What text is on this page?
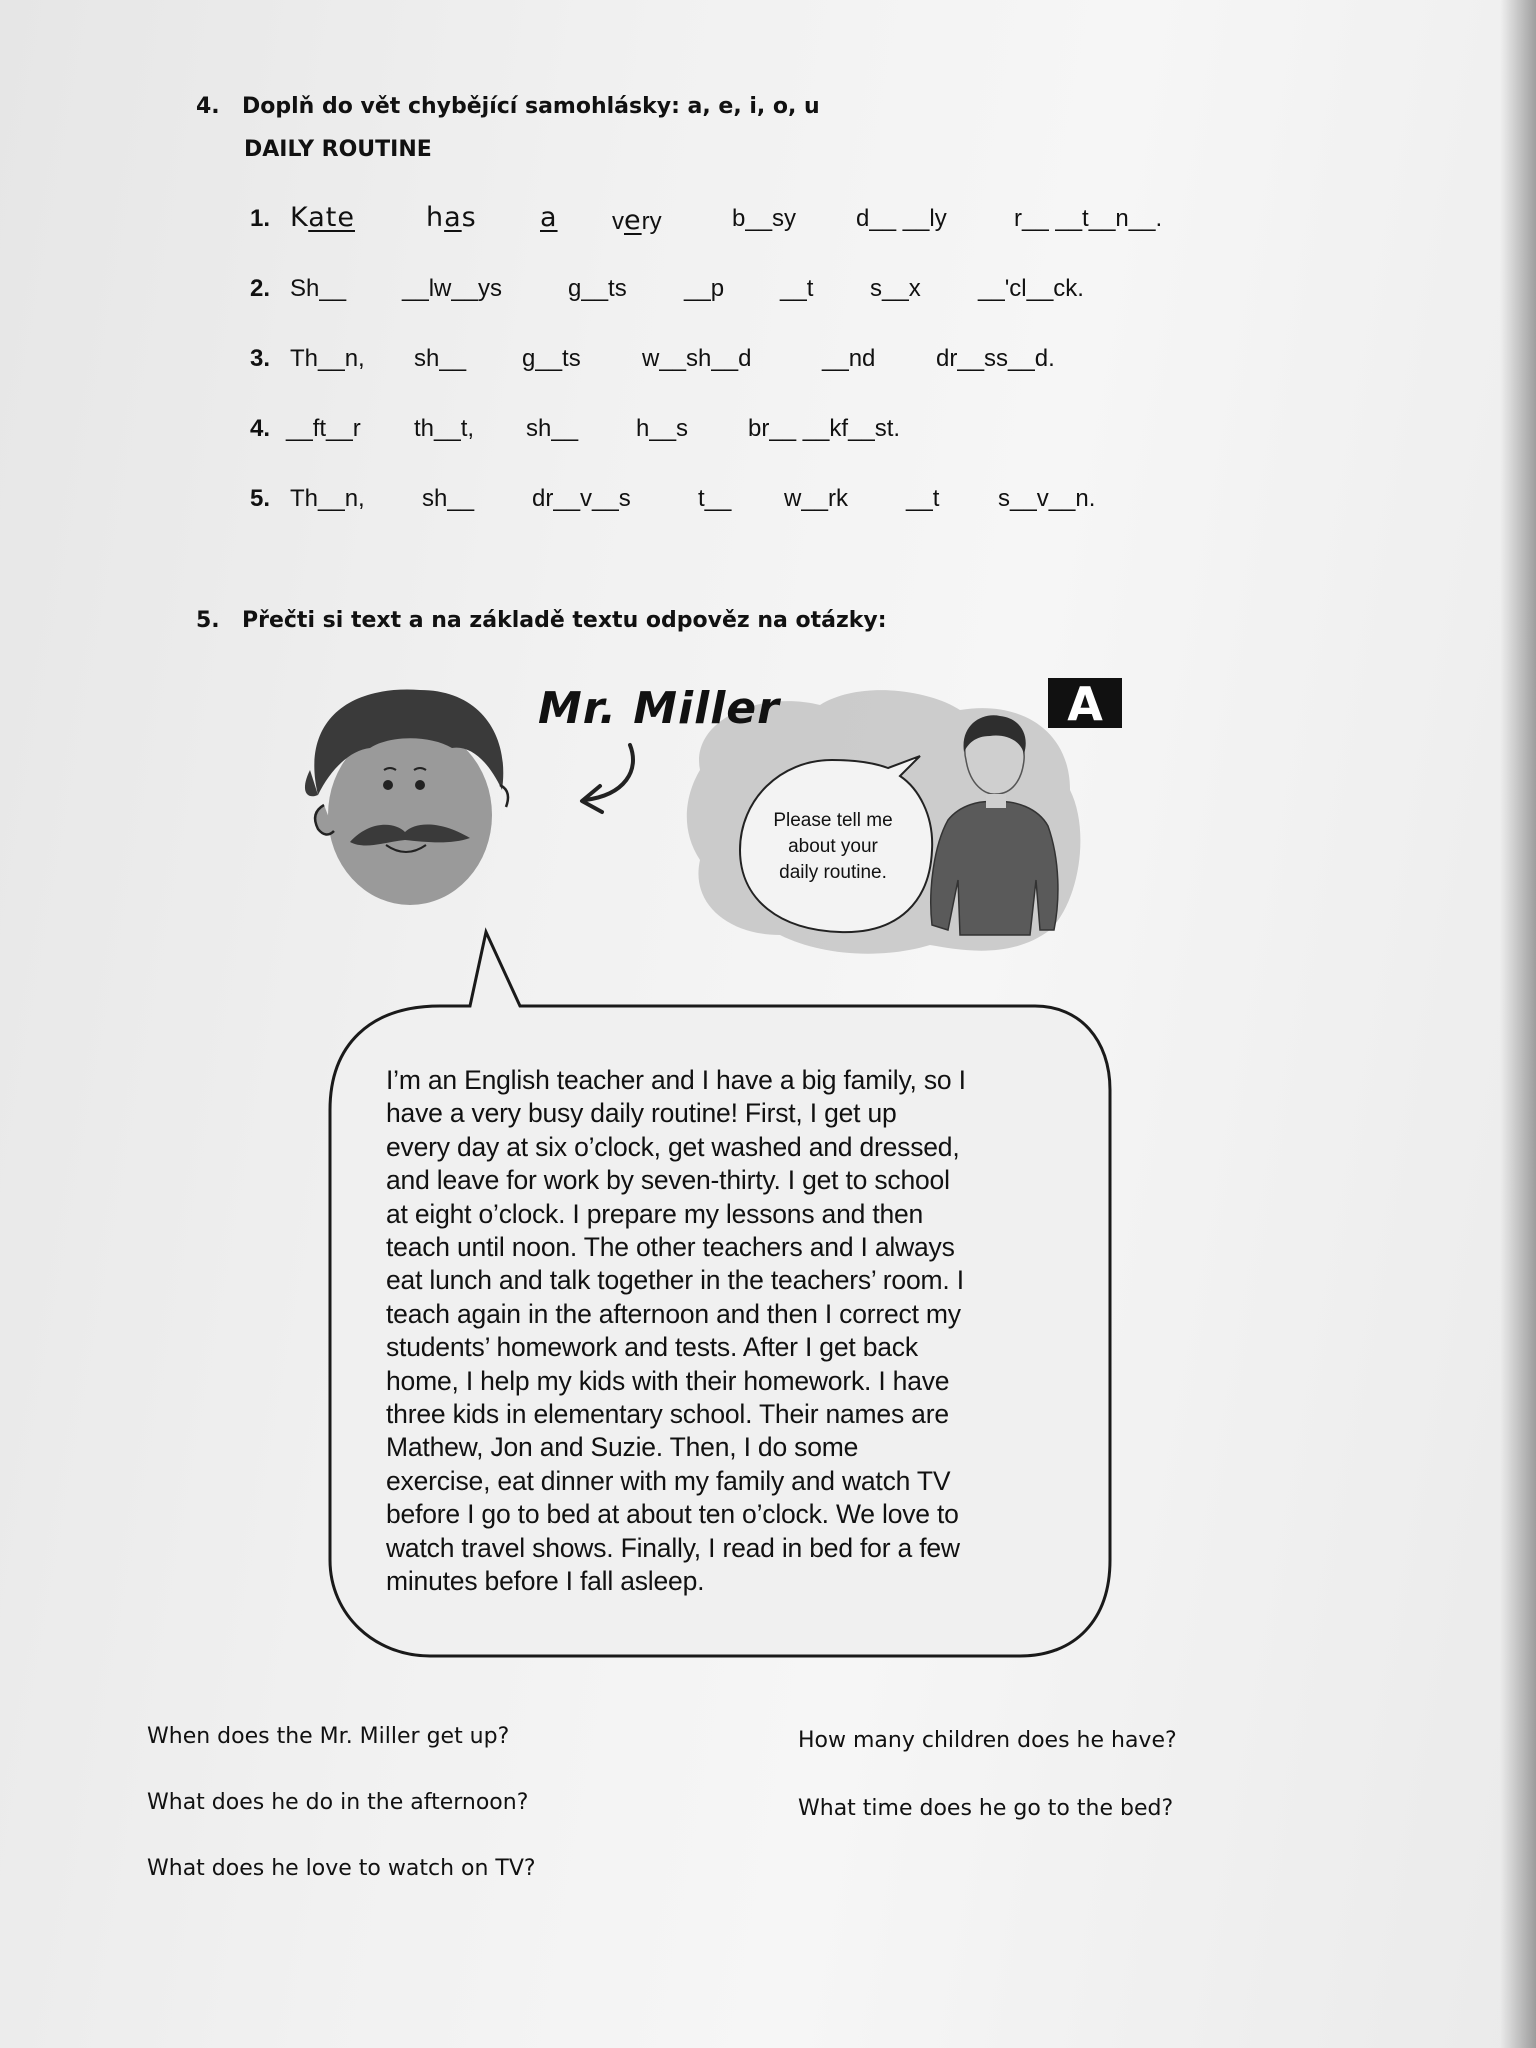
4. Doplň do vět chybějící samohlásky: a, e, i, o, u
DAILY ROUTINE
1. Kate	has a very	b__sy d__ __ly	r__ __t__n__.
2. Sh__ __lw__ys	g__ts __p __t s__x __'cl__ck.
3. Th__n, sh__ g__ts	w__sh__d	__nd	dr__ss__d.
4. __ft__r th__t, sh__ h__s br__ __kf__st.
5. Th__n, sh__ dr__v__s	t__ w__rk __t s__v__n.
5. Přečti si text a na základě textu odpověz na otázky:
Mr. Miller	A
Please tell me
about your
daily routine.
I’m an English teacher and I have a big family, so I
have a very busy daily routine! First, I get up
every day at six o’clock, get washed and dressed,
and leave for work by seven-thirty. I get to school
at eight o’clock. I prepare my lessons and then
teach until noon. The other teachers and I always
eat lunch and talk together in the teachers’ room. I
teach again in the afternoon and then I correct my
students’ homework and tests. After I get back
home, I help my kids with their homework. I have
three kids in elementary school. Their names are
Mathew, Jon and Suzie. Then, I do some
exercise, eat dinner with my family and watch TV
before I go to bed at about ten o’clock. We love to
watch travel shows. Finally, I read in bed for a few
minutes before I fall asleep.
When does the Mr. Miller get up?	How many children does he have?
What does he do in the afternoon?	What time does he go to the bed?
What does he love to watch on TV?
